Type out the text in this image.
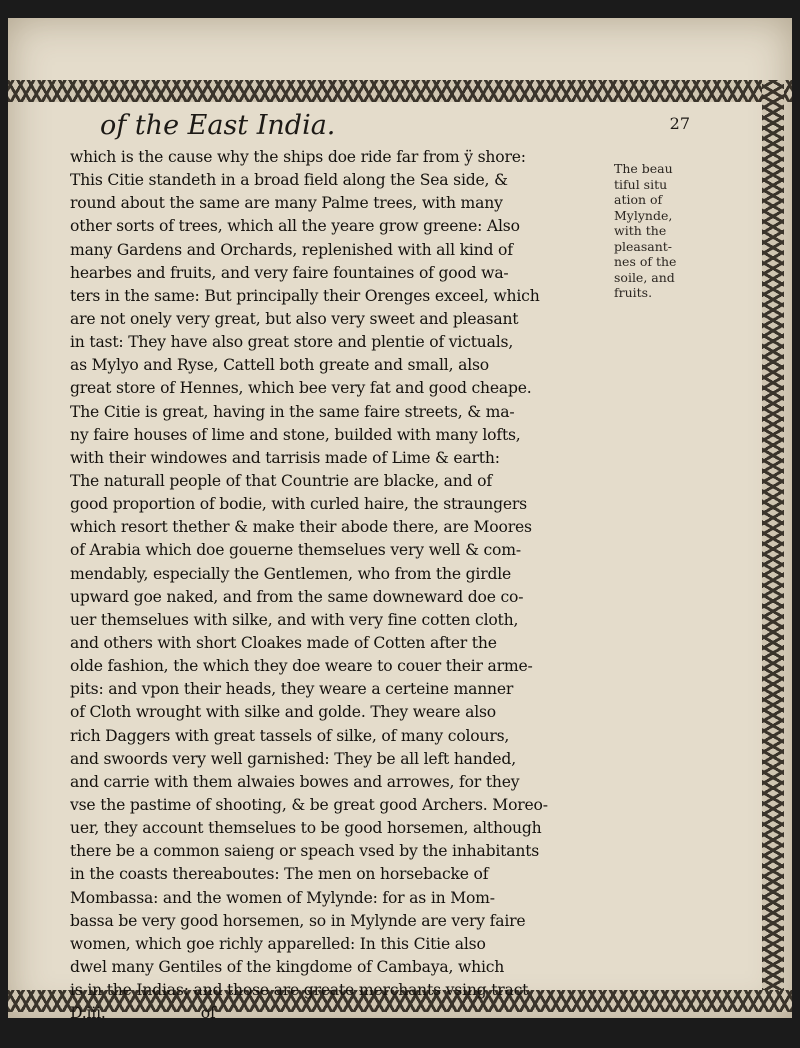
of the East India.	27
which is the cause why the ships doe ride far from ÿ shore:
This Citie standeth in a broad field along the Sea side, &
round about the same are many Palme trees, with many
other sorts of trees, which all the yeare grow greene: Also
many Gardens and Orchards, replenished with all kind of
hearbes and fruits, and very faire fountaines of good wa-
ters in the same: But principally their Orenges exceel, which
are not onely very great, but also very sweet and pleasant
in tast: They have also great store and plentie of victuals,
as Mylyo and Ryse, Cattell both greate and small, also
great store of Hennes, which bee very fat and good cheape.
The Citie is great, having in the same faire streets, & ma-
ny faire houses of lime and stone, builded with many lofts,
with their windowes and tarrisis made of Lime & earth:
The naturall people of that Countrie are blacke, and of
good proportion of bodie, with curled haire, the straungers
which resort thether & make their abode there, are Moores
of Arabia which doe gouerne themselues very well & com-
mendably, especially the Gentlemen, who from the girdle
upward goe naked, and from the same downeward doe co-
uer themselues with silke, and with very fine cotten cloth,
and others with short Cloakes made of Cotten after the
olde fashion, the which they doe weare to couer their arme-
pits: and vpon their heads, they weare a certeine manner
of Cloth wrought with silke and golde. They weare also
rich Daggers with great tassels of silke, of many colours,
and swoords very well garnished: They be all left handed,
and carrie with them alwaies bowes and arrowes, for they
vse the pastime of shooting, & be great good Archers. Moreo-
uer, they account themselues to be good horsemen, although
there be a common saieng or speach vsed by the inhabitants
in the coasts thereaboutes: The men on horsebacke of
Mombassa: and the women of Mylynde: for as in Mom-
bassa be very good horsemen, so in Mylynde are very faire
women, which goe richly apparelled: In this Citie also
dwel many Gentiles of the kingdome of Cambaya, which
is in the Indias: and those are greate merchants vsing tract
D.iii.                    of
The beau
tiful situ
ation of
Mylynde,
with the
pleasant-
nes of the
soile, and
fruits.
